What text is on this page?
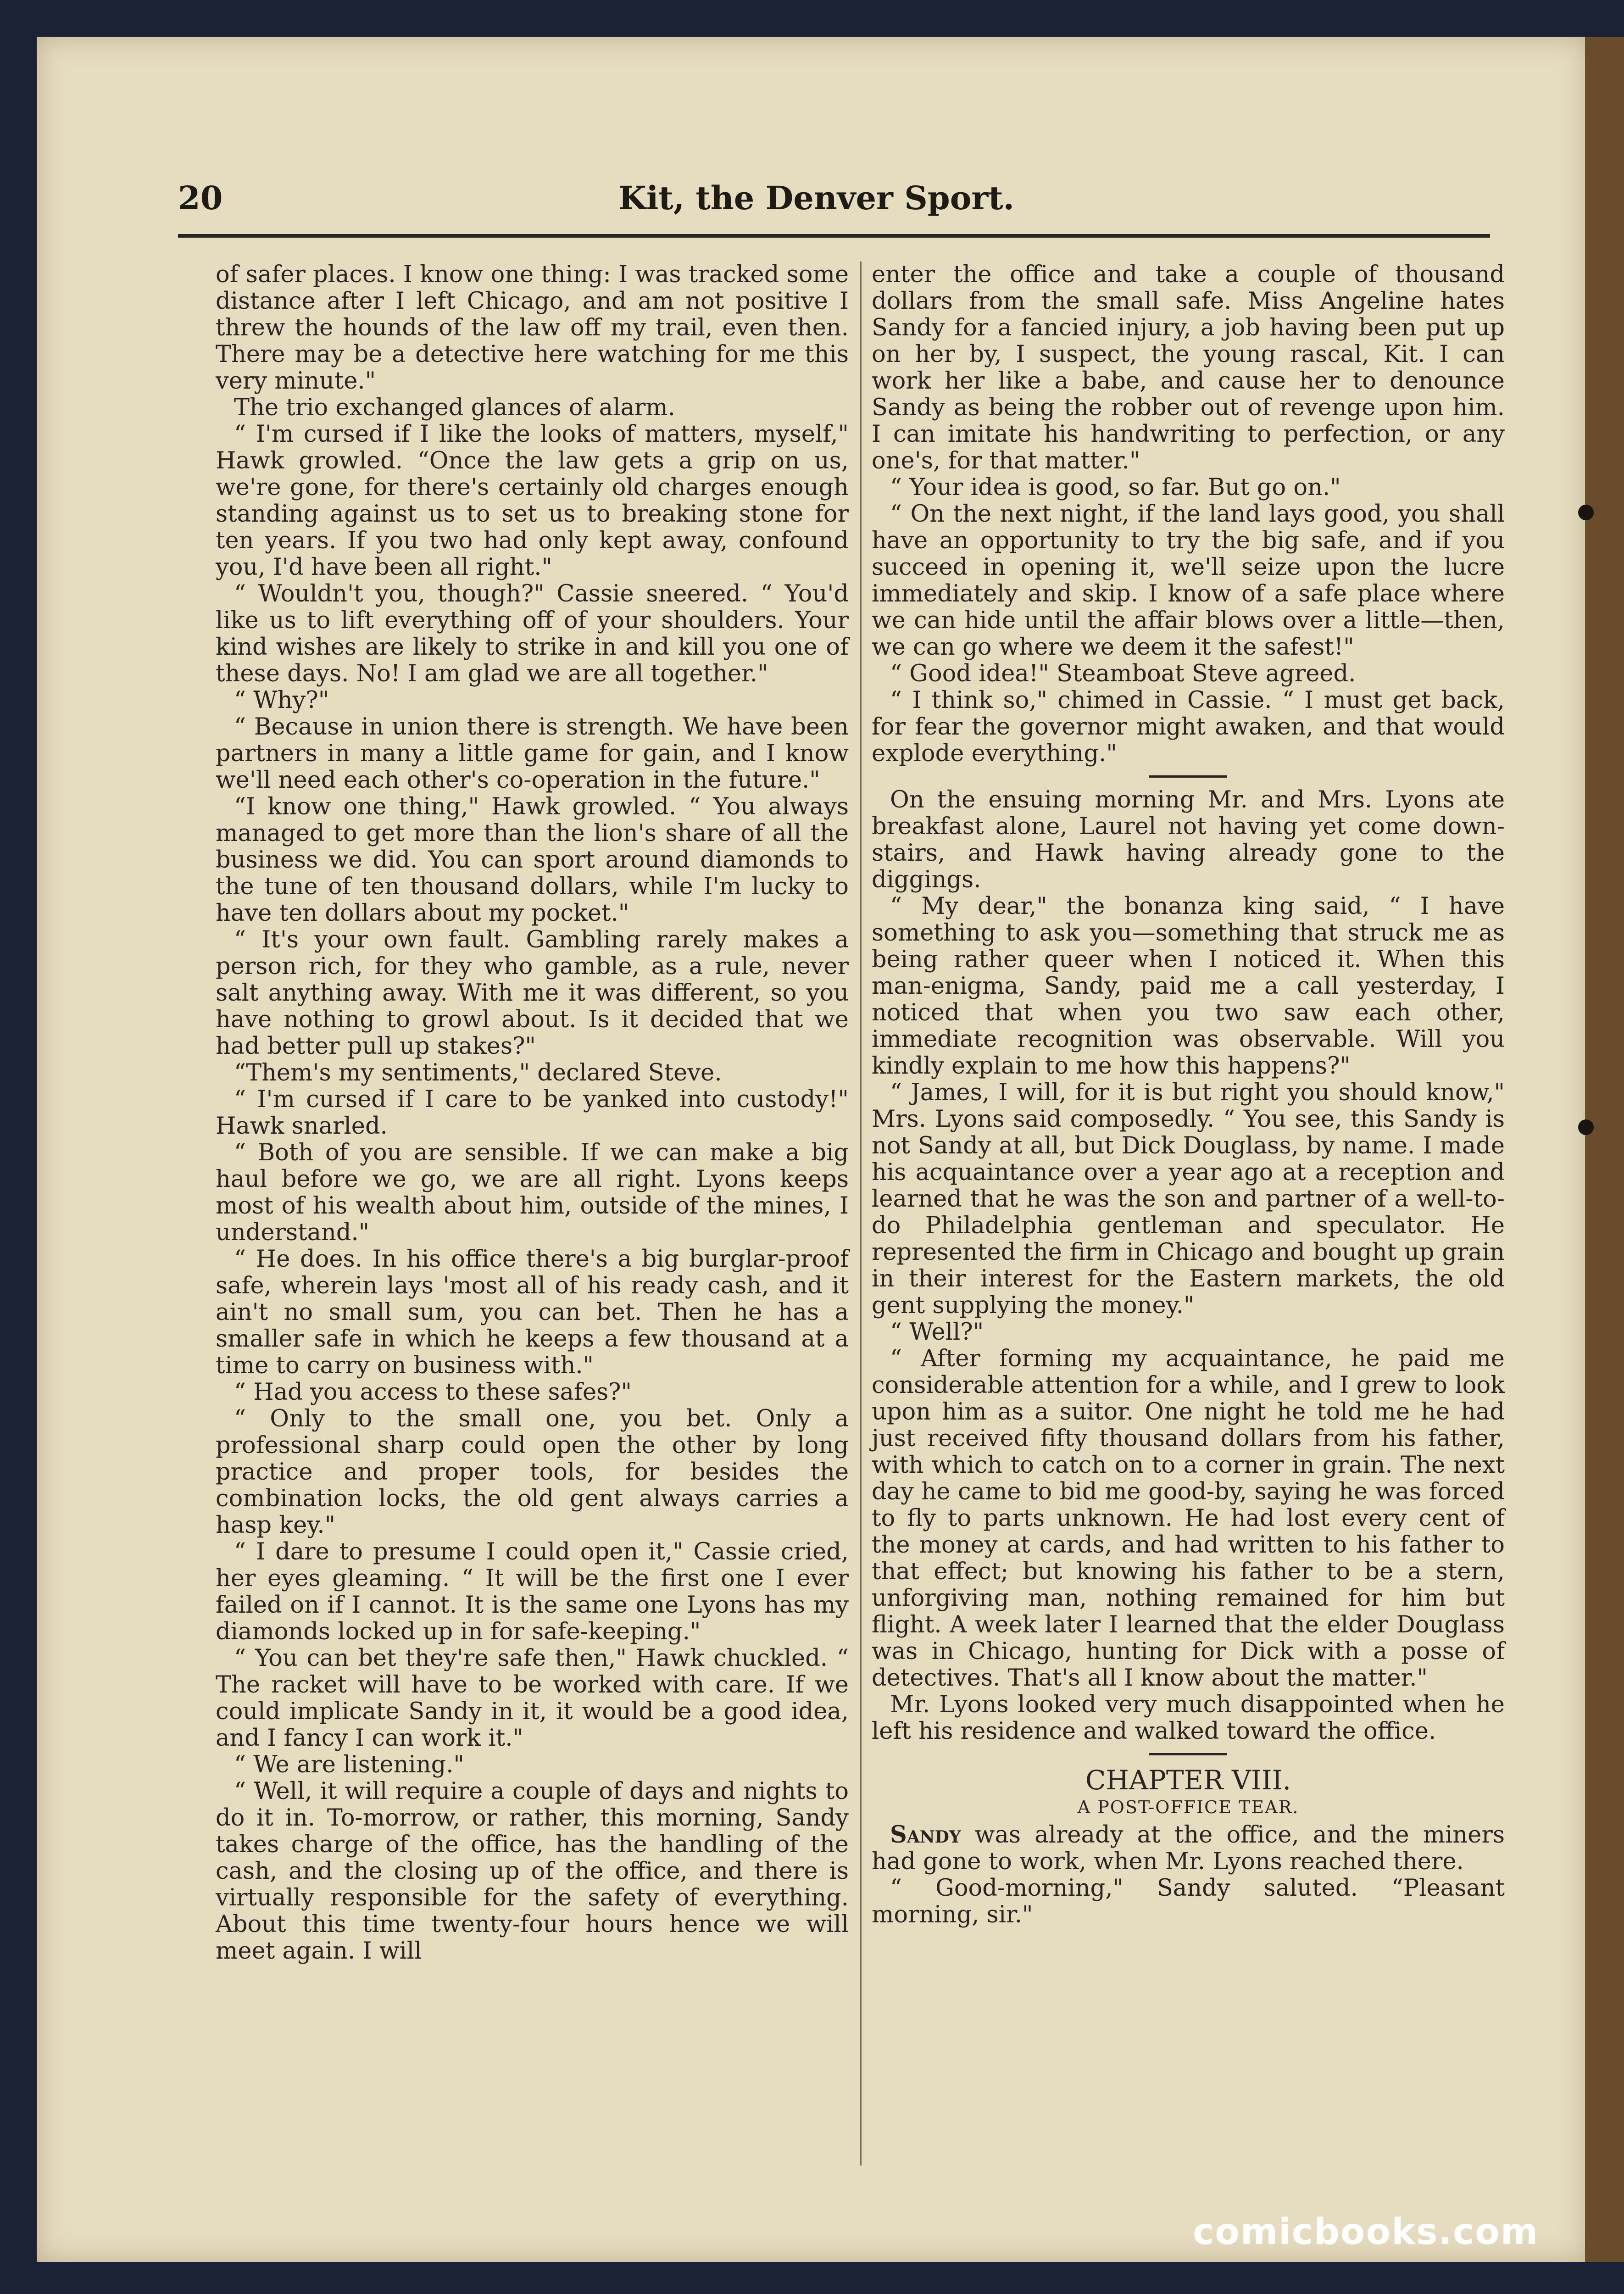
20	Kit, the Denver Sport.

of safer places. I know one thing: I was tracked some distance after I left Chicago, and am not positive I threw the hounds of the law off my trail, even then. There may be a detective here watching for me this very minute."

The trio exchanged glances of alarm.

“ I'm cursed if I like the looks of matters, myself," Hawk growled. “Once the law gets a grip on us, we're gone, for there's certainly old charges enough standing against us to set us to breaking stone for ten years. If you two had only kept away, confound you, I'd have been all right."

“ Wouldn't you, though?" Cassie sneered. “ You'd like us to lift everything off of your shoulders. Your kind wishes are likely to strike in and kill you one of these days. No! I am glad we are all together."

“ Why?"

“ Because in union there is strength. We have been partners in many a little game for gain, and I know we'll need each other's co-operation in the future."

“I know one thing," Hawk growled. “ You always managed to get more than the lion's share of all the business we did. You can sport around diamonds to the tune of ten thousand dollars, while I'm lucky to have ten dollars about my pocket."

“ It's your own fault. Gambling rarely makes a person rich, for they who gamble, as a rule, never salt anything away. With me it was different, so you have nothing to growl about. Is it decided that we had better pull up stakes?"

“Them's my sentiments," declared Steve.

“ I'm cursed if I care to be yanked into custody!" Hawk snarled.

“ Both of you are sensible. If we can make a big haul before we go, we are all right. Lyons keeps most of his wealth about him, outside of the mines, I understand."

“ He does. In his office there's a big burglar-proof safe, wherein lays 'most all of his ready cash, and it ain't no small sum, you can bet. Then he has a smaller safe in which he keeps a few thousand at a time to carry on business with."

“ Had you access to these safes?"

“ Only to the small one, you bet. Only a professional sharp could open the other by long practice and proper tools, for besides the combination locks, the old gent always carries a hasp key."

“ I dare to presume I could open it," Cassie cried, her eyes gleaming. “ It will be the first one I ever failed on if I cannot. It is the same one Lyons has my diamonds locked up in for safe-keeping."

“ You can bet they're safe then," Hawk chuckled. “ The racket will have to be worked with care. If we could implicate Sandy in it, it would be a good idea, and I fancy I can work it."

“ We are listening."

“ Well, it will require a couple of days and nights to do it in. To-morrow, or rather, this morning, Sandy takes charge of the office, has the handling of the cash, and the closing up of the office, and there is virtually responsible for the safety of everything. About this time twenty-four hours hence we will meet again. I will

enter the office and take a couple of thousand dollars from the small safe. Miss Angeline hates Sandy for a fancied injury, a job having been put up on her by, I suspect, the young rascal, Kit. I can work her like a babe, and cause her to denounce Sandy as being the robber out of revenge upon him. I can imitate his handwriting to perfection, or any one's, for that matter."

“ Your idea is good, so far. But go on."

“ On the next night, if the land lays good, you shall have an opportunity to try the big safe, and if you succeed in opening it, we'll seize upon the lucre immediately and skip. I know of a safe place where we can hide until the affair blows over a little—then, we can go where we deem it the safest!"

“ Good idea!" Steamboat Steve agreed.

“ I think so," chimed in Cassie. “ I must get back, for fear the governor might awaken, and that would explode everything."

On the ensuing morning Mr. and Mrs. Lyons ate breakfast alone, Laurel not having yet come down-stairs, and Hawk having already gone to the diggings.

“ My dear," the bonanza king said, “ I have something to ask you—something that struck me as being rather queer when I noticed it. When this man-enigma, Sandy, paid me a call yesterday, I noticed that when you two saw each other, immediate recognition was observable. Will you kindly explain to me how this happens?"

“ James, I will, for it is but right you should know," Mrs. Lyons said composedly. “ You see, this Sandy is not Sandy at all, but Dick Douglass, by name. I made his acquaintance over a year ago at a reception and learned that he was the son and partner of a well-to-do Philadelphia gentleman and speculator. He represented the firm in Chicago and bought up grain in their interest for the Eastern markets, the old gent supplying the money."

“ Well?"

“ After forming my acquaintance, he paid me considerable attention for a while, and I grew to look upon him as a suitor. One night he told me he had just received fifty thousand dollars from his father, with which to catch on to a corner in grain. The next day he came to bid me good-by, saying he was forced to fly to parts unknown. He had lost every cent of the money at cards, and had written to his father to that effect; but knowing his father to be a stern, unforgiving man, nothing remained for him but flight. A week later I learned that the elder Douglass was in Chicago, hunting for Dick with a posse of detectives. That's all I know about the matter."

Mr. Lyons looked very much disappointed when he left his residence and walked toward the office.

CHAPTER VIII.
A POST-OFFICE TEAR.

Sandy was already at the office, and the miners had gone to work, when Mr. Lyons reached there.

“ Good-morning," Sandy saluted. “Pleasant morning, sir."

comicbooks.com
